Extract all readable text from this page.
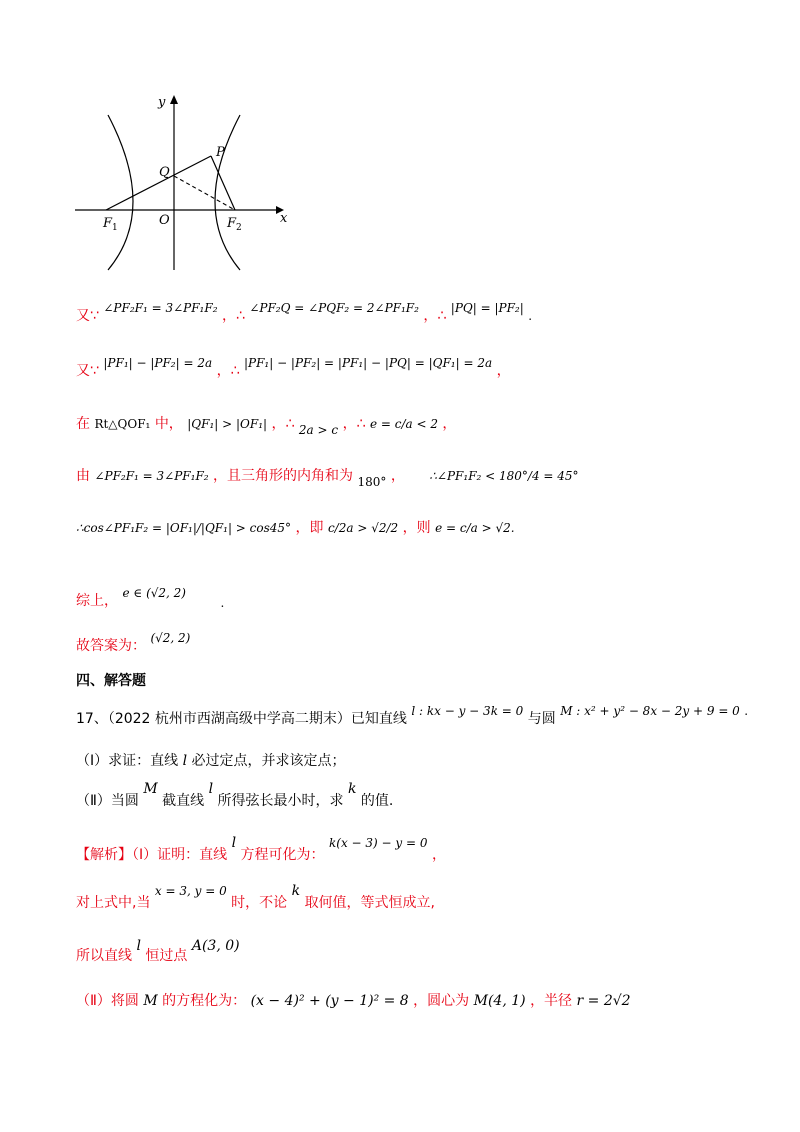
y
x
P
Q
O
$F_1$	$F_2$
又∵ ∠PF₂F₁ = 3∠PF₁F₂ ，∴ ∠PF₂Q = ∠PQF₂ = 2∠PF₁F₂ ，∴ |PQ| = |PF₂| .
又∵ |PF₁| − |PF₂| = 2a ，∴ |PF₁| − |PF₂| = |PF₁| − |PQ| = |QF₁| = 2a ，
在 Rt△QOF₁ 中， |QF₁| > |OF₁| ，∴ 2a > c ，∴ e = c/a < 2 ，
由 ∠PF₂F₁ = 3∠PF₁F₂ ，且三角形的内角和为 180° ， ∴∠PF₁F₂ < 180°/4 = 45°
∴cos∠PF₁F₂ = |OF₁|/|QF₁| > cos45° ，即 c/2a > √2/2 ，则 e = c/a > √2.
综上， e ∈ (√2, 2) .
故答案为： (√2, 2)
四、解答题
17、（2022 杭州市西湖高级中学高二期末）已知直线 l : kx − y − 3k = 0 与圆 M : x² + y² − 8x − 2y + 9 = 0 .
（Ⅰ）求证：直线 l 必过定点，并求该定点；
（Ⅱ）当圆 M 截直线 l 所得弦长最小时，求 k 的值.
【解析】（Ⅰ）证明：直线 l 方程可化为： k(x − 3) − y = 0 ，
对上式中,当 x = 3, y = 0 时，不论 k 取何值，等式恒成立,
所以直线 l 恒过点 A(3, 0)
（Ⅱ）将圆 M 的方程化为： (x − 4)² + (y − 1)² = 8 ，圆心为 M(4, 1) ，半径 r = 2√2
